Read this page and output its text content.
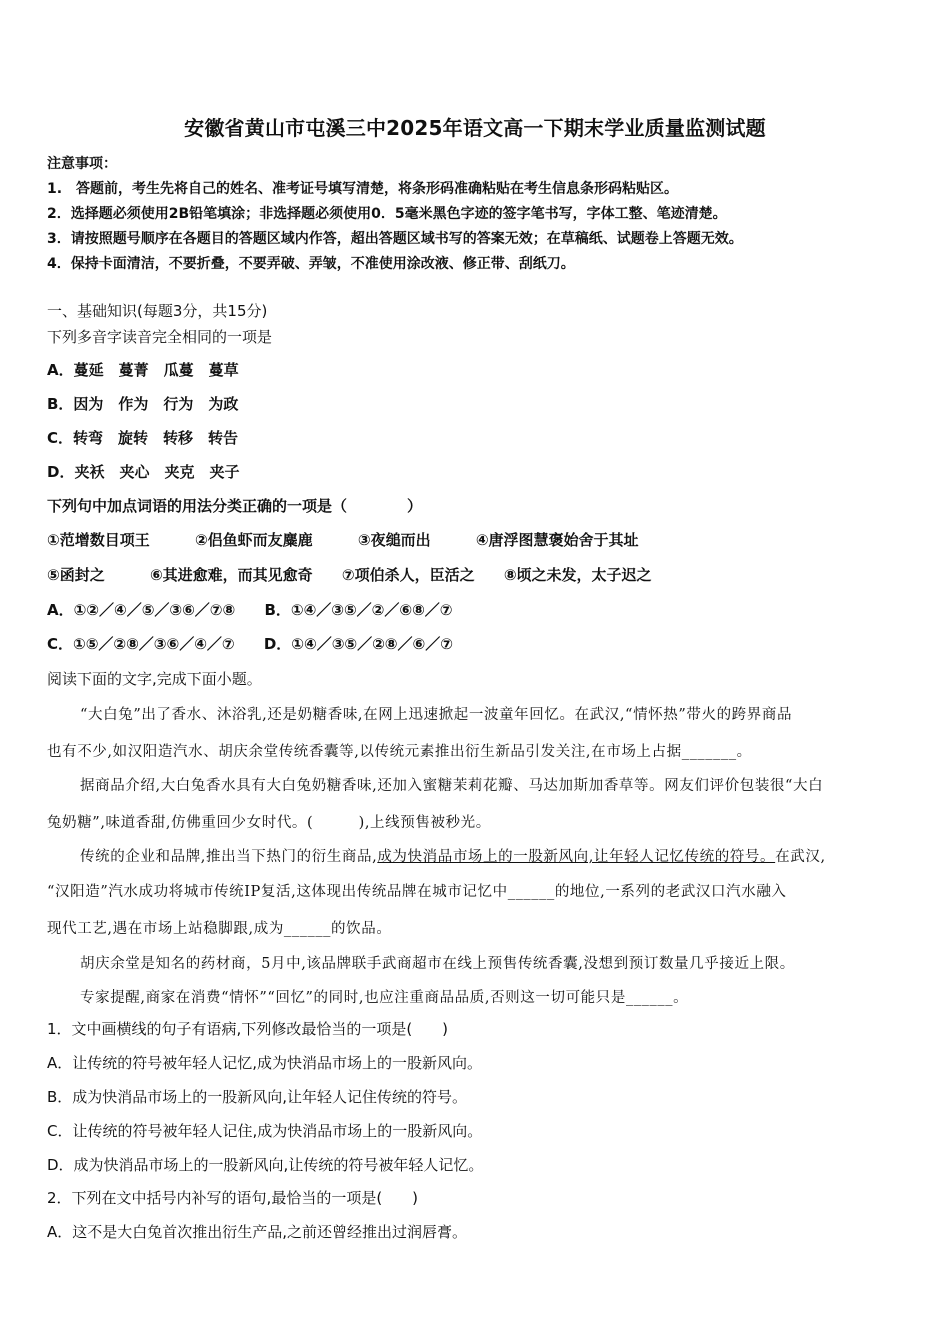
安徽省黄山市屯溪三中2025年语文高一下期末学业质量监测试题
注意事项：
1.　答题前，考生先将自己的姓名、准考证号填写清楚，将条形码准确粘贴在考生信息条形码粘贴区。
2．选择题必须使用2B铅笔填涂；非选择题必须使用0．5毫米黑色字迹的签字笔书写，字体工整、笔迹清楚。
3．请按照题号顺序在各题目的答题区域内作答，超出答题区域书写的答案无效；在草稿纸、试题卷上答题无效。
4．保持卡面清洁，不要折叠，不要弄破、弄皱，不准使用涂改液、修正带、刮纸刀。
一、基础知识(每题3分，共15分)
下列多音字读音完全相同的一项是
A．蔓延　蔓菁　瓜蔓　蔓草
B．因为　作为　行为　为政
C．转弯　旋转　转移　转告
D．夹袄　夹心　夹克　夹子
下列句中加点词语的用法分类正确的一项是（　　　　）
①范增数目项王	②侣鱼虾而友麋鹿	③夜缒而出	④唐浮图慧褒始舍于其址
⑤函封之	⑥其进愈难，而其见愈奇 ⑦项伯杀人，臣活之 ⑧顷之未发，太子迟之
A．①②／④／⑤／③⑥／⑦⑧ B．①④／③⑤／②／⑥⑧／⑦
C．①⑤／②⑧／③⑥／④／⑦ D．①④／③⑤／②⑧／⑥／⑦
阅读下面的文字,完成下面小题。
“大白兔”出了香水、沐浴乳,还是奶糖香味,在网上迅速掀起一波童年回忆。在武汉,“情怀热”带火的跨界商品
也有不少,如汉阳造汽水、胡庆余堂传统香囊等,以传统元素推出衍生新品引发关注,在市场上占据_______。
据商品介绍,大白兔香水具有大白兔奶糖香味,还加入蜜糖茉莉花瓣、马达加斯加香草等。网友们评价包装很“大白
兔奶糖”,味道香甜,仿佛重回少女时代。(　　　),上线预售被秒光。
传统的企业和品牌,推出当下热门的衍生商品,成为快消品市场上的一股新风向,让年轻人记忆传统的符号。在武汉,
“汉阳造”汽水成功将城市传统IP复活,这体现出传统品牌在城市记忆中______的地位,一系列的老武汉口汽水融入
现代工艺,遇在市场上站稳脚跟,成为______的饮品。
胡庆余堂是知名的药材商，5月中,该品牌联手武商超市在线上预售传统香囊,没想到预订数量几乎接近上限。
专家提醒,商家在消费“情怀”“回忆”的同时,也应注重商品品质,否则这一切可能只是______。
1．文中画横线的句子有语病,下列修改最恰当的一项是(　　)
A．让传统的符号被年轻人记忆,成为快消品市场上的一股新风向。
B．成为快消品市场上的一股新风向,让年轻人记住传统的符号。
C．让传统的符号被年轻人记住,成为快消品市场上的一股新风向。
D．成为快消品市场上的一股新风向,让传统的符号被年轻人记忆。
2．下列在文中括号内补写的语句,最恰当的一项是(　　)
A．这不是大白兔首次推出衍生产品,之前还曾经推出过润唇膏。
